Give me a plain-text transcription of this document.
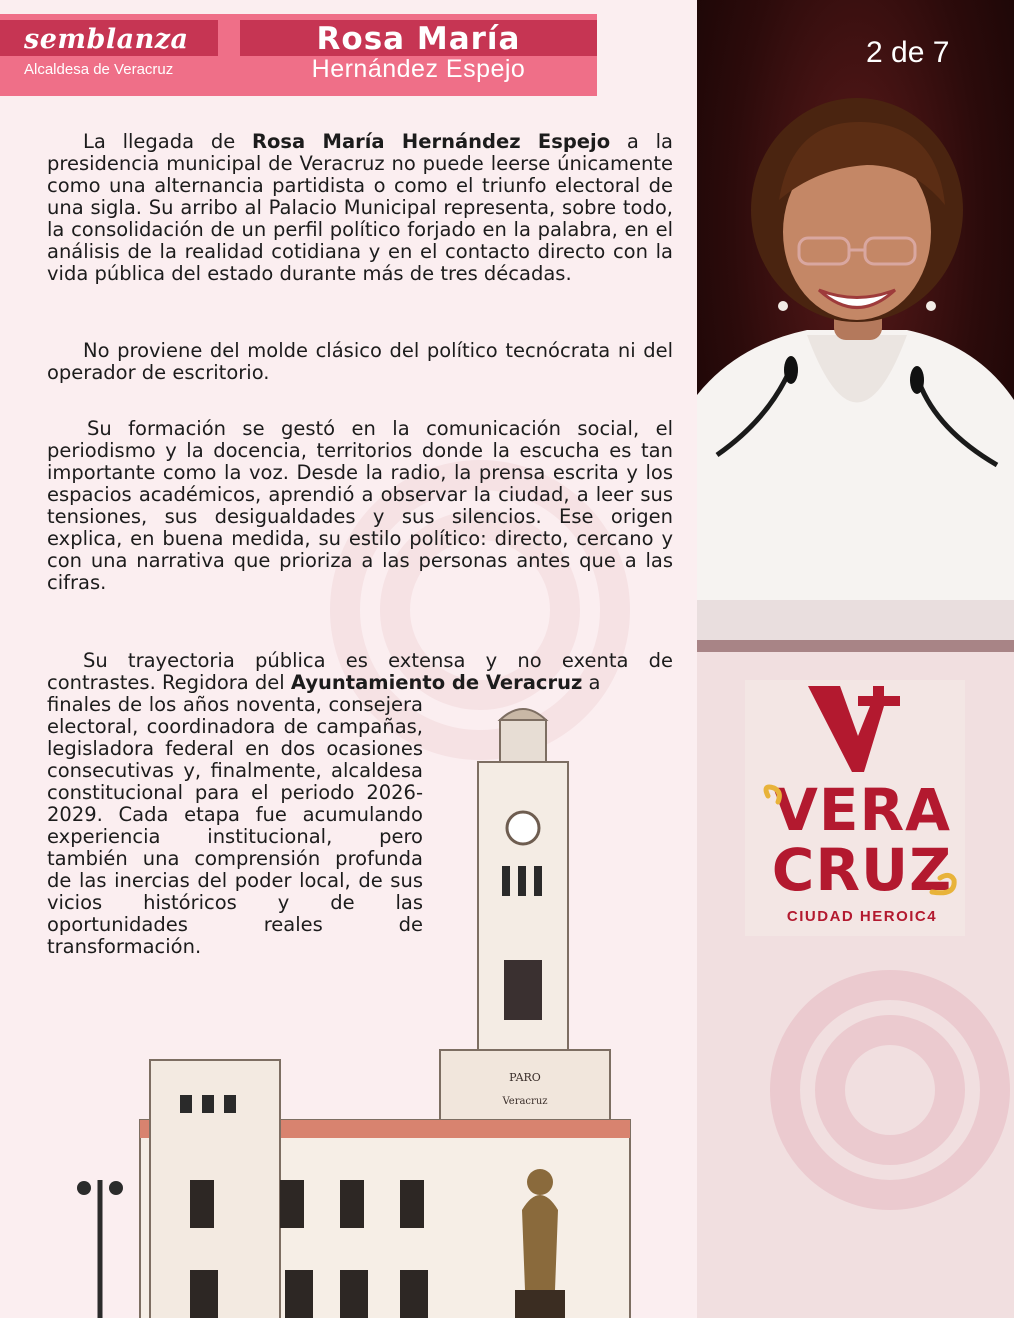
2 de 7
VERA
CRUZ
CIUDAD HEROIC4
semblanza
Alcaldesa de Veracruz
Rosa María
Hernández Espejo

La llegada de Rosa María Hernández Espejo a la presidencia municipal de Veracruz no puede leerse únicamente como una alternancia partidista o como el triunfo electoral de una sigla. Su arribo al Palacio Municipal representa, sobre todo, la consolidación de un perfil político forjado en la palabra, en el análisis de la realidad cotidiana y en el contacto directo con la vida pública del estado durante más de tres décadas.

No proviene del molde clásico del político tecnócrata ni del operador de escritorio.

Su formación se gestó en la comunicación social, el periodismo y la docencia, territorios donde la escucha es tan importante como la voz. Desde la radio, la prensa escrita y los espacios académicos, aprendió a observar la ciudad, a leer sus tensiones, sus desigualdades y sus silencios. Ese origen explica, en buena medida, su estilo político: directo, cercano y con una narrativa que prioriza a las personas antes que a las cifras.

Su trayectoria pública es extensa y no exenta de contrastes. Regidora del Ayuntamiento de Veracruz a

finales de los años noventa, consejera electoral, coordinadora de campañas, legisladora federal en dos ocasiones consecutivas y, finalmente, alcaldesa constitucional para el periodo 2026-2029. Cada etapa fue acumulando experiencia institucional, pero también una comprensión profunda de las inercias del poder local, de sus vicios históricos y de las oportunidades reales de transformación.

PARO
Veracruz
